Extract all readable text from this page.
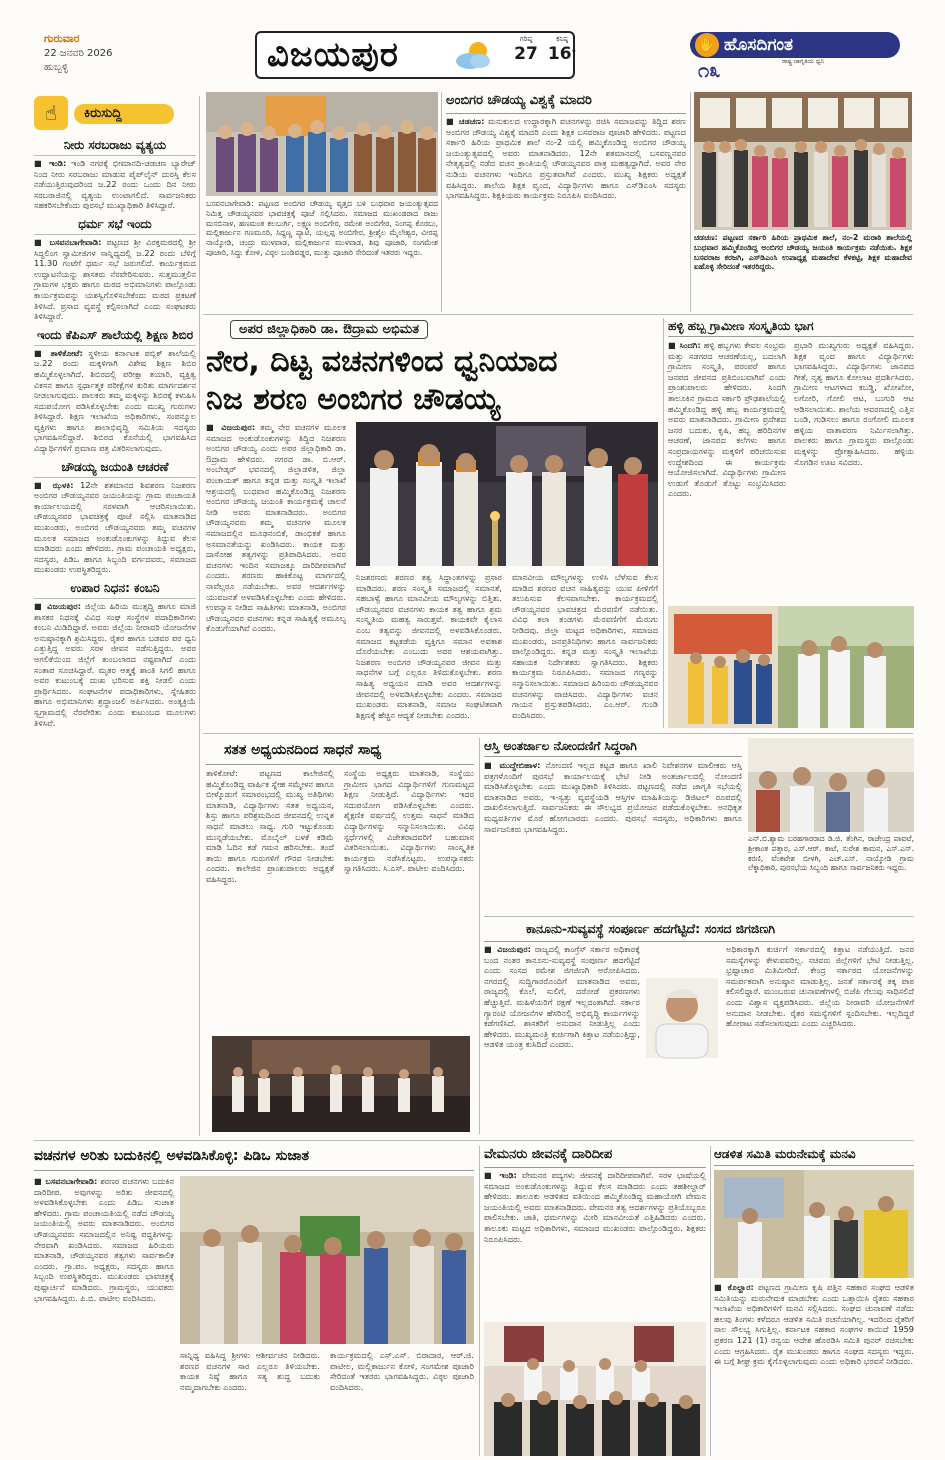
ಗುರುವಾರ
22 ಜನವರಿ 2026
ಹುಬ್ಬಳ್ಳಿ	ವಿಜಯಪುರ	ಗರಿಷ್ಠ
27
ಕನಿಷ್ಠ
16°
✋ ಹೊಸದಿಗಂತ
ರಾಷ್ಟ್ರ ಜಾಗೃತಿಯ ಧ್ವನಿ
೧೩
☝	ಕಿರುಸುದ್ದಿ
ನೀರು ಸರಬರಾಜು ವ್ಯತ್ಯಯ
■ ಇಂಡಿ: ಇಂಡಿ ನಗರಕ್ಕೆ ಭೀಮಾನದಿ-ಚಡಚಣ ಬ್ಯಾರೇಜ್ ನಿಂದ ನೀರು ಸರಬರಾಜು ಮಾಡುವ ಪೈಪ್‌ಲೈನ್ ದುರಸ್ತಿ ಕೆಲಸ ನಡೆಯುತ್ತಿರುವುದರಿಂದ ಜ.22 ರಂದು ಒಂದು ದಿನ ನೀರು ಸರಬರಾಜಿನಲ್ಲಿ ವ್ಯತ್ಯಯ ಉಂಟಾಗಲಿದೆ. ಸಾರ್ವಜನಿಕರು ಸಹಕರಿಸಬೇಕೆಂದು ಪುರಸಭೆ ಮುಖ್ಯಾಧಿಕಾರಿ ತಿಳಿಸಿದ್ದಾರೆ.
ಧರ್ಮ ಸಭೆ ಇಂದು
■ ಬಸವನಬಾಗೇವಾಡಿ: ಪಟ್ಟಣದ ಶ್ರೀ ವಿರಕ್ತಮಠದಲ್ಲಿ ಶ್ರೀ ಸಿದ್ದಲಿಂಗ ಸ್ವಾಮೀಜಿಗಳ ಸಾನ್ನಿಧ್ಯದಲ್ಲಿ ಜ.22 ರಂದು ಬೆಳಿಗ್ಗೆ 11.30 ಗಂಟೆಗೆ ಧರ್ಮ ಸಭೆ ಜರುಗಲಿದೆ. ಕಾರ್ಯಕ್ರಮದ ಉದ್ಘಾಟನೆಯನ್ನು ಶಾಸಕರು ನೆರವೇರಿಸುವರು. ಸುತ್ತಮುತ್ತಲಿನ ಗ್ರಾಮಗಳ ಭಕ್ತರು ಹಾಗೂ ಮಠದ ಅಭಿಮಾನಿಗಳು ಪಾಲ್ಗೊಂಡು ಕಾರ್ಯಕ್ರಮವನ್ನು ಯಶಸ್ವಿಗೊಳಿಸಬೇಕೆಂದು ಮಠದ ಪ್ರಕಟಣೆ ತಿಳಿಸಿದೆ. ಪ್ರಸಾದ ವ್ಯವಸ್ಥೆ ಕಲ್ಪಿಸಲಾಗಿದೆ ಎಂದು ಸಂಘಟಕರು ತಿಳಿಸಿದ್ದಾರೆ.
ಇಂದು ಕೆಪಿಎಸ್ ಶಾಲೆಯಲ್ಲಿ ಶಿಕ್ಷಣ ಶಿಬಿರ
■ ತಾಳಿಕೋಟೆ: ಸ್ಥಳೀಯ ಕರ್ನಾಟಕ ಪಬ್ಲಿಕ್ ಶಾಲೆಯಲ್ಲಿ ಜ.22 ರಂದು ಮಕ್ಕಳಿಗಾಗಿ ವಿಶೇಷ ಶಿಕ್ಷಣ ಶಿಬಿರ ಹಮ್ಮಿಕೊಳ್ಳಲಾಗಿದೆ. ಶಿಬಿರದಲ್ಲಿ ಪರೀಕ್ಷಾ ತಯಾರಿ, ವ್ಯಕ್ತಿತ್ವ ವಿಕಸನ ಹಾಗೂ ಸ್ಪರ್ಧಾತ್ಮಕ ಪರೀಕ್ಷೆಗಳ ಕುರಿತು ಮಾರ್ಗದರ್ಶನ ನೀಡಲಾಗುವುದು. ಪಾಲಕರು ತಮ್ಮ ಮಕ್ಕಳನ್ನು ಶಿಬಿರಕ್ಕೆ ಕಳುಹಿಸಿ ಸದುಪಯೋಗ ಪಡಿಸಿಕೊಳ್ಳಬೇಕು ಎಂದು ಮುಖ್ಯ ಗುರುಗಳು ತಿಳಿಸಿದ್ದಾರೆ. ಶಿಕ್ಷಣ ಇಲಾಖೆಯ ಅಧಿಕಾರಿಗಳು, ಸಂಪನ್ಮೂಲ ವ್ಯಕ್ತಿಗಳು ಹಾಗೂ ಶಾಲಾಭಿವೃದ್ಧಿ ಸಮಿತಿಯ ಸದಸ್ಯರು ಭಾಗವಹಿಸಲಿದ್ದಾರೆ. ಶಿಬಿರದ ಕೊನೆಯಲ್ಲಿ ಭಾಗವಹಿಸಿದ ವಿದ್ಯಾರ್ಥಿಗಳಿಗೆ ಪ್ರಮಾಣ ಪತ್ರ ವಿತರಿಸಲಾಗುವುದು.
ಚೌಡಯ್ಯ ಜಯಂತಿ ಆಚರಣೆ
■ ಝಳಕಿ: 12ನೇ ಶತಮಾನದ ಶಿವಶರಣ ನಿಜಶರಣ ಅಂಬಿಗರ ಚೌಡಯ್ಯನವರ ಜಯಂತಿಯನ್ನು ಗ್ರಾಮ ಪಂಚಾಯತಿ ಕಾರ್ಯಾಲಯದಲ್ಲಿ ಸರಳವಾಗಿ ಆಚರಿಸಲಾಯಿತು. ಚೌಡಯ್ಯನವರ ಭಾವಚಿತ್ರಕ್ಕೆ ಪೂಜೆ ಸಲ್ಲಿಸಿ ಮಾತನಾಡಿದ ಮುಖಂಡರು, ಅಂಬಿಗರ ಚೌಡಯ್ಯನವರು ತಮ್ಮ ವಚನಗಳ ಮೂಲಕ ಸಮಾಜದ ಅಂಕುಡೊಂಕುಗಳನ್ನು ತಿದ್ದುವ ಕೆಲಸ ಮಾಡಿದರು ಎಂದು ಹೇಳಿದರು. ಗ್ರಾಮ ಪಂಚಾಯತಿ ಅಧ್ಯಕ್ಷರು, ಸದಸ್ಯರು, ಪಿಡಿಒ ಹಾಗೂ ಸಿಬ್ಬಂದಿ ವರ್ಗದವರು, ಸಮಾಜದ ಮುಖಂಡರು ಉಪಸ್ಥಿತರಿದ್ದರು.
ಉಪಾರ ನಿಧನ: ಕಂಬನಿ
■ ವಿಜಯಪುರ: ಜಿಲ್ಲೆಯ ಹಿರಿಯ ಮುತ್ಸದ್ದಿ ಹಾಗೂ ಮಾಜಿ ಶಾಸಕರ ನಿಧನಕ್ಕೆ ವಿವಿಧ ಸಂಘ ಸಂಸ್ಥೆಗಳ ಪದಾಧಿಕಾರಿಗಳು ಕಂಬನಿ ಮಿಡಿದಿದ್ದಾರೆ. ಅವರು ಜಿಲ್ಲೆಯ ನೀರಾವರಿ ಯೋಜನೆಗಳ ಅನುಷ್ಠಾನಕ್ಕಾಗಿ ಶ್ರಮಿಸಿದ್ದರು. ರೈತರ ಹಾಗೂ ಬಡವರ ಪರ ಧ್ವನಿ ಎತ್ತುತ್ತಿದ್ದ ಅವರು ಸರಳ ಜೀವನ ನಡೆಸುತ್ತಿದ್ದರು. ಅವರ ಅಗಲಿಕೆಯಿಂದ ಜಿಲ್ಲೆಗೆ ತುಂಬಲಾರದ ನಷ್ಟವಾಗಿದೆ ಎಂದು ಸಂತಾಪ ಸೂಚಿಸಿದ್ದಾರೆ. ಮೃತರ ಆತ್ಮಕ್ಕೆ ಶಾಂತಿ ಸಿಗಲಿ ಹಾಗೂ ಅವರ ಕುಟುಂಬಕ್ಕೆ ದುಃಖ ಭರಿಸುವ ಶಕ್ತಿ ನೀಡಲಿ ಎಂದು ಪ್ರಾರ್ಥಿಸಿದರು. ಸಂಘಟನೆಗಳ ಪದಾಧಿಕಾರಿಗಳು, ಸ್ನೇಹಿತರು ಹಾಗೂ ಅಭಿಮಾನಿಗಳು ಶ್ರದ್ಧಾಂಜಲಿ ಅರ್ಪಿಸಿದರು. ಅಂತ್ಯಕ್ರಿಯೆ ಸ್ವಗ್ರಾಮದಲ್ಲಿ ನೆರವೇರಿತು ಎಂದು ಕುಟುಂಬದ ಮೂಲಗಳು ತಿಳಿಸಿವೆ.
ಬಸವನಬಾಗೇವಾಡಿ: ಪಟ್ಟಣದ ಅಂಬಿಗರ ಚೌಡಯ್ಯ ವೃತ್ತದ ಬಳಿ ಬುಧವಾರ ಜಯಂತ್ಯುತ್ಸವದ ನಿಮಿತ್ತ ಚೌಡಯ್ಯನವರ ಭಾವಚಿತ್ರಕ್ಕೆ ಪೂಜೆ ಸಲ್ಲಿಸಿದರು. ಸಮಾಜದ ಮುಖಂಡರಾದ ರಾಜು ಮಸಬಿನಾಳ, ಹಣಮಂತ ಕಲಬುರ್ಗಿ, ಲಕ್ಷ್ಮಣ ಅಂಬಿಗೇರ, ರಮೇಶ ಅಂಬಿಗೇರ, ನಿಂಗಪ್ಪ ಕೊರಬು, ಮಲ್ಲಿಕಾರ್ಜುನ ಗಣಮೂರಿ, ಸಿದ್ದಣ್ಣ ಪ್ಯಾಟಿ, ಯಲ್ಲಪ್ಪ ಅಂಬಿಗೇರ, ಶ್ರೀಶೈಲ ಮೈಲೇಶ್ವರ, ವೀರಪ್ಪ ನಾಯ್ಕೋಡಿ, ಚಂದ್ರು ಮುಳವಾಡ, ಮಲ್ಲಿಕಾರ್ಜುನ ಮುಳವಾಡ, ಶಿವು ಪೂಜಾರಿ, ಸಂಗಮೇಶ ಪೂಜಾರಿ, ಸಿದ್ದು ಕೋಳಿ, ವಿಠ್ಠಲ ಬಂಡಿವಡ್ಡರ, ಮುತ್ತು ಪೂಜಾರಿ ಸೇರಿದಂತೆ ಇತರರು ಇದ್ದರು.
ಅಂಬಿಗರ ಚೌಡಯ್ಯ ವಿಶ್ವಕ್ಕೆ ಮಾದರಿ
■ ಚಡಚಣ: ಮನುಕುಲದ ಉದ್ಧಾರಕ್ಕಾಗಿ ವಚನಗಳನ್ನು ರಚಿಸಿ ಸಮಾಜವನ್ನು ತಿದ್ದಿದ ಶರಣ ಅಂಬಿಗರ ಚೌಡಯ್ಯ ವಿಶ್ವಕ್ಕೆ ಮಾದರಿ ಎಂದು ಶಿಕ್ಷಕ ಬಸವರಾಜ ಪೂಜಾರಿ ಹೇಳಿದರು. ಪಟ್ಟಣದ ಸರ್ಕಾರಿ ಹಿರಿಯ ಪ್ರಾಥಮಿಕ ಶಾಲೆ ನಂ-2 ಯಲ್ಲಿ ಹಮ್ಮಿಕೊಂಡಿದ್ದ ಅಂಬಿಗರ ಚೌಡಯ್ಯ ಜಯಂತ್ಯುತ್ಸವದಲ್ಲಿ ಅವರು ಮಾತನಾಡಿದರು. 12ನೇ ಶತಮಾನದಲ್ಲಿ ಬಸವಣ್ಣನವರ ನೇತೃತ್ವದಲ್ಲಿ ನಡೆದ ವಚನ ಕ್ರಾಂತಿಯಲ್ಲಿ ಚೌಡಯ್ಯನವರ ಪಾತ್ರ ಮಹತ್ವದ್ದಾಗಿದೆ. ಅವರ ನೇರ ನುಡಿಯ ವಚನಗಳು ಇಂದಿಗೂ ಪ್ರಸ್ತುತವಾಗಿವೆ ಎಂದರು. ಮುಖ್ಯ ಶಿಕ್ಷಕರು ಅಧ್ಯಕ್ಷತೆ ವಹಿಸಿದ್ದರು. ಶಾಲೆಯ ಶಿಕ್ಷಕ ವೃಂದ, ವಿದ್ಯಾರ್ಥಿಗಳು ಹಾಗೂ ಎಸ್‌ಡಿಎಂಸಿ ಸದಸ್ಯರು ಭಾಗವಹಿಸಿದ್ದರು. ಶಿಕ್ಷಕಿಯರು ಕಾರ್ಯಕ್ರಮ ನಿರೂಪಿಸಿ ವಂದಿಸಿದರು.
ಚಡಚಣ: ಪಟ್ಟಣದ ಸರ್ಕಾರಿ ಹಿರಿಯ ಪ್ರಾಥಮಿಕ ಶಾಲೆ, ನಂ-2 ಮರಾಠಿ ಶಾಲೆಯಲ್ಲಿ ಬುಧವಾರ ಹಮ್ಮಿಕೊಂಡಿದ್ದ ಅಂಬಿಗರ ಚೌಡಯ್ಯ ಜಯಂತಿ ಕಾರ್ಯಕ್ರಮ ನಡೆಯಿತು. ಶಿಕ್ಷಕ ಬಸವರಾಜ ಕರಜಗಿ, ಎಸ್‌ಡಿಎಂಸಿ ಉಪಾಧ್ಯಕ್ಷ ಮಹಾದೇವ ಕೆಳಕಟ್ಟಿ, ಶಿಕ್ಷಕ ಮಹಾದೇವ ಐಹೊಳ್ಳಿ ಸೇರಿದಂತೆ ಇತರರಿದ್ದರು.
ಅಪರ ಜಿಲ್ಲಾಧಿಕಾರಿ ಡಾ. ಔದ್ರಾಮ ಅಭಿಮತ
ನೇರ, ದಿಟ್ಟ ವಚನಗಳಿಂದ ಧ್ವನಿಯಾದ
ನಿಜ ಶರಣ ಅಂಬಿಗರ ಚೌಡಯ್ಯ
■ ವಿಜಯಪುರ: ತಮ್ಮ ನೇರ ವಚನಗಳ ಮೂಲಕ ಸಮಾಜದ ಅಂಕುಡೊಂಕುಗಳನ್ನು ತಿದ್ದಿದ ನಿಜಶರಣ ಅಂಬಿಗರ ಚೌಡಯ್ಯ ಎಂದು ಅಪರ ಜಿಲ್ಲಾಧಿಕಾರಿ ಡಾ. ಔದ್ರಾಮ ಹೇಳಿದರು. ನಗರದ ಡಾ. ಬಿ.ಆರ್. ಅಂಬೇಡ್ಕರ್ ಭವನದಲ್ಲಿ ಜಿಲ್ಲಾಡಳಿತ, ಜಿಲ್ಲಾ ಪಂಚಾಯತ್ ಹಾಗೂ ಕನ್ನಡ ಮತ್ತು ಸಂಸ್ಕೃತಿ ಇಲಾಖೆ ಆಶ್ರಯದಲ್ಲಿ ಬುಧವಾರ ಹಮ್ಮಿಕೊಂಡಿದ್ದ ನಿಜಶರಣ ಅಂಬಿಗರ ಚೌಡಯ್ಯ ಜಯಂತಿ ಕಾರ್ಯಕ್ರಮಕ್ಕೆ ಚಾಲನೆ ನೀಡಿ ಅವರು ಮಾತನಾಡಿದರು. ಅಂಬಿಗರ ಚೌಡಯ್ಯನವರು ತಮ್ಮ ವಚನಗಳ ಮೂಲಕ ಸಮಾಜದಲ್ಲಿನ ಮೂಢನಂಬಿಕೆ, ಡಾಂಭಿಕತೆ ಹಾಗೂ ಅಸಮಾನತೆಯನ್ನು ಖಂಡಿಸಿದರು. ಕಾಯಕ ಮತ್ತು ದಾಸೋಹ ತತ್ವಗಳನ್ನು ಪ್ರತಿಪಾದಿಸಿದರು. ಅವರ ವಚನಗಳು ಇಂದಿನ ಸಮಾಜಕ್ಕೂ ದಾರಿದೀಪವಾಗಿವೆ ಎಂದರು. ಶರಣರು ಹಾಕಿಕೊಟ್ಟ ಮಾರ್ಗದಲ್ಲಿ ನಾವೆಲ್ಲರೂ ನಡೆಯಬೇಕು. ಅವರ ಆದರ್ಶಗಳನ್ನು ಯುವಜನತೆ ಅಳವಡಿಸಿಕೊಳ್ಳಬೇಕು ಎಂದು ಹೇಳಿದರು. ಉಪನ್ಯಾಸ ನೀಡಿದ ಸಾಹಿತಿಗಳು ಮಾತನಾಡಿ, ಅಂಬಿಗರ ಚೌಡಯ್ಯನವರ ವಚನಗಳು ಕನ್ನಡ ಸಾಹಿತ್ಯಕ್ಕೆ ಅಮೂಲ್ಯ ಕೊಡುಗೆಯಾಗಿವೆ ಎಂದರು.
ನಿಜಶರಣರು ಶರಣರ ತತ್ವ ಸಿದ್ಧಾಂತಗಳನ್ನು ಪ್ರಸಾರ ಮಾಡಿದರು. ಶರಣ ಸಂಸ್ಕೃತಿ ಸಮಾಜದಲ್ಲಿ ಸಮಾನತೆ, ಸಹಬಾಳ್ವೆ ಹಾಗೂ ಮಾನವೀಯ ಮೌಲ್ಯಗಳನ್ನು ಬಿತ್ತಿತು. ಚೌಡಯ್ಯನವರ ವಚನಗಳು ಕಾಯಕ ತತ್ವ ಹಾಗೂ ಶ್ರಮ ಸಂಸ್ಕೃತಿಯ ಮಹತ್ವ ಸಾರುತ್ತವೆ. ಕಾಯಕವೇ ಕೈಲಾಸ ಎಂಬ ತತ್ವವನ್ನು ಜೀವನದಲ್ಲಿ ಅಳವಡಿಸಿಕೊಂಡರು. ಸಮಾಜದ ಕಟ್ಟಕಡೆಯ ವ್ಯಕ್ತಿಗೂ ಸಮಾನ ಅವಕಾಶ ದೊರೆಯಬೇಕು ಎಂಬುದು ಅವರ ಆಶಯವಾಗಿತ್ತು. ನಿಜಶರಣ ಅಂಬಿಗರ ಚೌಡಯ್ಯನವರ ಜೀವನ ಮತ್ತು ಸಾಧನೆಗಳ ಬಗ್ಗೆ ಎಲ್ಲರೂ ತಿಳಿದುಕೊಳ್ಳಬೇಕು. ಶರಣ ಸಾಹಿತ್ಯ ಅಧ್ಯಯನ ಮಾಡಿ ಅವರ ಆದರ್ಶಗಳನ್ನು ಜೀವನದಲ್ಲಿ ಅಳವಡಿಸಿಕೊಳ್ಳಬೇಕು ಎಂದರು. ಸಮಾಜದ ಮುಖಂಡರು ಮಾತನಾಡಿ, ಸಮಾಜ ಸಂಘಟಿತವಾಗಿ ಶಿಕ್ಷಣಕ್ಕೆ ಹೆಚ್ಚಿನ ಆದ್ಯತೆ ನೀಡಬೇಕು ಎಂದರು.
ಮಾನವೀಯ ಮೌಲ್ಯಗಳನ್ನು ಉಳಿಸಿ ಬೆಳೆಸುವ ಕೆಲಸ ಮಾಡಿದ ಶರಣರ ವಚನ ಸಾಹಿತ್ಯವನ್ನು ಯುವ ಪೀಳಿಗೆಗೆ ತಲುಪಿಸುವ ಕೆಲಸವಾಗಬೇಕು. ಕಾರ್ಯಕ್ರಮದಲ್ಲಿ ಚೌಡಯ್ಯನವರ ಭಾವಚಿತ್ರದ ಮೆರವಣಿಗೆ ನಡೆಯಿತು. ವಿವಿಧ ಕಲಾ ತಂಡಗಳು ಮೆರವಣಿಗೆಗೆ ಮೆರುಗು ನೀಡಿದವು. ಜಿಲ್ಲಾ ಮಟ್ಟದ ಅಧಿಕಾರಿಗಳು, ಸಮಾಜದ ಮುಖಂಡರು, ಜನಪ್ರತಿನಿಧಿಗಳು ಹಾಗೂ ಸಾರ್ವಜನಿಕರು ಪಾಲ್ಗೊಂಡಿದ್ದರು. ಕನ್ನಡ ಮತ್ತು ಸಂಸ್ಕೃತಿ ಇಲಾಖೆಯ ಸಹಾಯಕ ನಿರ್ದೇಶಕರು ಸ್ವಾಗತಿಸಿದರು. ಶಿಕ್ಷಕರು ಕಾರ್ಯಕ್ರಮ ನಿರೂಪಿಸಿದರು. ಸಮಾಜದ ಗಣ್ಯರನ್ನು ಸನ್ಮಾನಿಸಲಾಯಿತು. ಸಮಾಜದ ಹಿರಿಯರು ಚೌಡಯ್ಯನವರ ವಚನಗಳನ್ನು ವಾಚಿಸಿದರು. ವಿದ್ಯಾರ್ಥಿಗಳು ವಚನ ಗಾಯನ ಪ್ರಸ್ತುತಪಡಿಸಿದರು. ಎಂ.ಆರ್. ಗುಂಡಿ ವಂದಿಸಿದರು.
ಹಳ್ಳಿ ಹಬ್ಬ ಗ್ರಾಮೀಣ ಸಂಸ್ಕೃತಿಯ ಭಾಗ
■ ಸಿಂದಗಿ: ಹಳ್ಳಿ ಹಬ್ಬಗಳು ಕೇವಲ ಸಂಭ್ರಮ ಮತ್ತು ಸಡಗರದ ಆಚರಣೆಯಲ್ಲ, ಬದಲಾಗಿ ಗ್ರಾಮೀಣ ಸಂಸ್ಕೃತಿ, ಪರಂಪರೆ ಹಾಗೂ ಜನಪದ ಜೀವನದ ಪ್ರತಿಬಿಂಬವಾಗಿವೆ ಎಂದು ಪ್ರಾಂಶುಪಾಲರು ಹೇಳಿದರು. ಸಿಂದಗಿ ತಾಲೂಕಿನ ಗ್ರಾಮದ ಸರ್ಕಾರಿ ಪ್ರೌಢಶಾಲೆಯಲ್ಲಿ ಹಮ್ಮಿಕೊಂಡಿದ್ದ ಹಳ್ಳಿ ಹಬ್ಬ ಕಾರ್ಯಕ್ರಮದಲ್ಲಿ ಅವರು ಮಾತನಾಡಿದರು. ಗ್ರಾಮೀಣ ಪ್ರದೇಶದ ಜನರ ಬದುಕು, ಕೃಷಿ, ಹಬ್ಬ ಹರಿದಿನಗಳ ಆಚರಣೆ, ಜಾನಪದ ಕಲೆಗಳು ಹಾಗೂ ಸಂಪ್ರದಾಯಗಳನ್ನು ಮಕ್ಕಳಿಗೆ ಪರಿಚಯಿಸುವ ಉದ್ದೇಶದಿಂದ ಈ ಕಾರ್ಯಕ್ರಮ ಆಯೋಜಿಸಲಾಗಿದೆ. ವಿದ್ಯಾರ್ಥಿಗಳು ಗ್ರಾಮೀಣ ಉಡುಗೆ ತೊಡುಗೆ ತೊಟ್ಟು ಸಂಭ್ರಮಿಸಿದರು ಎಂದರು.
ಪ್ರಭಾರಿ ಮುಖ್ಯಗುರು ಅಧ್ಯಕ್ಷತೆ ವಹಿಸಿದ್ದರು. ಶಿಕ್ಷಕ ವೃಂದ ಹಾಗೂ ವಿದ್ಯಾರ್ಥಿಗಳು ಭಾಗವಹಿಸಿದ್ದರು. ವಿದ್ಯಾರ್ಥಿಗಳು ಜಾನಪದ ಗೀತೆ, ನೃತ್ಯ ಹಾಗೂ ಕೋಲಾಟ ಪ್ರದರ್ಶಿಸಿದರು. ಗ್ರಾಮೀಣ ಆಟಗಳಾದ ಕಬಡ್ಡಿ, ಖೋಖೋ, ಲಗೋರಿ, ಗೋಲಿ ಆಟ, ಬುಗುರಿ ಆಟ ಆಡಿಸಲಾಯಿತು. ಶಾಲೆಯ ಆವರಣದಲ್ಲಿ ಎತ್ತಿನ ಬಂಡಿ, ಗುಡಿಸಲು ಹಾಗೂ ರಂಗೋಲಿ ಮೂಲಕ ಹಳ್ಳಿಯ ವಾತಾವರಣ ನಿರ್ಮಿಸಲಾಗಿತ್ತು. ಪಾಲಕರು ಹಾಗೂ ಗ್ರಾಮಸ್ಥರು ಪಾಲ್ಗೊಂಡು ಮಕ್ಕಳನ್ನು ಪ್ರೋತ್ಸಾಹಿಸಿದರು. ಹಳ್ಳಿಯ ಸೊಗಡಿನ ಊಟ ಸವಿದರು.
ಸತತ ಅಧ್ಯಯನದಿಂದ ಸಾಧನೆ ಸಾಧ್ಯ
ತಾಳಿಕೋಟೆ: ಪಟ್ಟಣದ ಕಾಲೇಜಿನಲ್ಲಿ ಹಮ್ಮಿಕೊಂಡಿದ್ದ ವಾರ್ಷಿಕ ಸ್ನೇಹ ಸಮ್ಮೇಳನ ಹಾಗೂ ಬೀಳ್ಕೊಡುಗೆ ಸಮಾರಂಭದಲ್ಲಿ ಮುಖ್ಯ ಅತಿಥಿಗಳು ಮಾತನಾಡಿ, ವಿದ್ಯಾರ್ಥಿಗಳು ಸತತ ಅಧ್ಯಯನ, ಶಿಸ್ತು ಹಾಗೂ ಪರಿಶ್ರಮದಿಂದ ಜೀವನದಲ್ಲಿ ಉನ್ನತ ಸಾಧನೆ ಮಾಡಲು ಸಾಧ್ಯ. ಗುರಿ ಇಟ್ಟುಕೊಂಡು ಮುನ್ನಡೆಯಬೇಕು. ಮೊಬೈಲ್ ಬಳಕೆ ಕಡಿಮೆ ಮಾಡಿ ಓದಿನ ಕಡೆ ಗಮನ ಹರಿಸಬೇಕು. ತಂದೆ ತಾಯಿ ಹಾಗೂ ಗುರುಗಳಿಗೆ ಗೌರವ ನೀಡಬೇಕು ಎಂದರು. ಕಾಲೇಜಿನ ಪ್ರಾಂಶುಪಾಲರು ಅಧ್ಯಕ್ಷತೆ ವಹಿಸಿದ್ದರು.
ಸಂಸ್ಥೆಯ ಅಧ್ಯಕ್ಷರು ಮಾತನಾಡಿ, ಸಂಸ್ಥೆಯು ಗ್ರಾಮೀಣ ಭಾಗದ ವಿದ್ಯಾರ್ಥಿಗಳಿಗೆ ಗುಣಮಟ್ಟದ ಶಿಕ್ಷಣ ನೀಡುತ್ತಿದೆ. ವಿದ್ಯಾರ್ಥಿಗಳು ಇದರ ಸದುಪಯೋಗ ಪಡಿಸಿಕೊಳ್ಳಬೇಕು ಎಂದರು. ಶೈಕ್ಷಣಿಕ ವರ್ಷದಲ್ಲಿ ಉತ್ತಮ ಸಾಧನೆ ಮಾಡಿದ ವಿದ್ಯಾರ್ಥಿಗಳನ್ನು ಸನ್ಮಾನಿಸಲಾಯಿತು. ವಿವಿಧ ಸ್ಪರ್ಧೆಗಳಲ್ಲಿ ವಿಜೇತರಾದವರಿಗೆ ಬಹುಮಾನ ವಿತರಿಸಲಾಯಿತು. ವಿದ್ಯಾರ್ಥಿಗಳು ಸಾಂಸ್ಕೃತಿಕ ಕಾರ್ಯಕ್ರಮ ನಡೆಸಿಕೊಟ್ಟರು. ಉಪನ್ಯಾಸಕರು ಸ್ವಾಗತಿಸಿದರು. ಸಿ.ಎಸ್. ಪಾಟೀಲ ವಂದಿಸಿದರು.
ಆಸ್ತಿ ಅಂತರ್ಜಾಲ ನೋಂದಣಿಗೆ ಸಿದ್ಧರಾಗಿ
■ ಮುದ್ದೇಬಿಹಾಳ: ನೋಂದಣಿ ಇಲ್ಲದ ಕಟ್ಟಡ ಹಾಗೂ ಖಾಲಿ ನಿವೇಶನಗಳ ಮಾಲೀಕರು ಆಸ್ತಿ ಪತ್ರಗಳೊಂದಿಗೆ ಪುರಸಭೆ ಕಾರ್ಯಾಲಯಕ್ಕೆ ಭೇಟಿ ನೀಡಿ ಅಂತರ್ಜಾಲದಲ್ಲಿ ನೋಂದಣಿ ಮಾಡಿಸಿಕೊಳ್ಳಬೇಕು ಎಂದು ಮುಖ್ಯಾಧಿಕಾರಿ ತಿಳಿಸಿದರು. ಪಟ್ಟಣದಲ್ಲಿ ನಡೆದ ಜಾಗೃತಿ ಸಭೆಯಲ್ಲಿ ಮಾತನಾಡಿದ ಅವರು, ಇ-ಸ್ವತ್ತು ವ್ಯವಸ್ಥೆಯಡಿ ಆಸ್ತಿಗಳ ಮಾಹಿತಿಯನ್ನು ಡಿಜಿಟಲ್ ರೂಪದಲ್ಲಿ ದಾಖಲಿಸಲಾಗುತ್ತಿದೆ. ಸಾರ್ವಜನಿಕರು ಈ ಸೌಲಭ್ಯದ ಪ್ರಯೋಜನ ಪಡೆದುಕೊಳ್ಳಬೇಕು. ಅನಧಿಕೃತ ಮಧ್ಯವರ್ತಿಗಳ ಮೊರೆ ಹೋಗಬಾರದು ಎಂದರು. ಪುರಸಭೆ ಸದಸ್ಯರು, ಅಧಿಕಾರಿಗಳು ಹಾಗೂ ಸಾರ್ವಜನಿಕರು ಭಾಗವಹಿಸಿದ್ದರು.
ಎನ್.ಬಿ.ಶ್ಯಾಮ ಬರಹಗಾರರಾದ ಡಿ.ಜಿ. ತೆಂಗಿನ, ರಾಜೇಂದ್ರ ಪಾವಟೆ, ಶ್ರೀಕಾಂತ ಪತ್ತಾರ, ಎಸ್.ಆರ್. ಕಾಟೆ, ಸುರೇಶ ಕಾಮನ, ಎಸ್.ಎಸ್. ಕರಣಿ, ವೆಂಕಟೇಶ ಬೀಳಗಿ, ಎಚ್.ಎಸ್. ನಾಯ್ಕೋಡಿ ಗ್ರಾಮ ಲೆಕ್ಕಾಧಿಕಾರಿ, ಪುರಸಭೆಯ ಸಿಬ್ಬಂದಿ ಹಾಗೂ ಸಾರ್ವಜನಿಕರು ಇದ್ದರು.
ಕಾನೂನು-ಸುವ್ಯವಸ್ಥೆ ಸಂಪೂರ್ಣ ಹದಗೆಟ್ಟಿದೆ: ಸಂಸದ ಜಿಗಜಿಣಗಿ
■ ವಿಜಯಪುರ: ರಾಜ್ಯದಲ್ಲಿ ಕಾಂಗ್ರೆಸ್ ಸರ್ಕಾರ ಅಧಿಕಾರಕ್ಕೆ ಬಂದ ನಂತರ ಕಾನೂನು-ಸುವ್ಯವಸ್ಥೆ ಸಂಪೂರ್ಣ ಹದಗೆಟ್ಟಿದೆ ಎಂದು ಸಂಸದ ರಮೇಶ ಜಿಗಜಿಣಗಿ ಆರೋಪಿಸಿದರು. ನಗರದಲ್ಲಿ ಸುದ್ದಿಗಾರರೊಂದಿಗೆ ಮಾತನಾಡಿದ ಅವರು, ರಾಜ್ಯದಲ್ಲಿ ಕೊಲೆ, ಸುಲಿಗೆ, ದರೋಡೆ ಪ್ರಕರಣಗಳು ಹೆಚ್ಚುತ್ತಿವೆ. ಮಹಿಳೆಯರಿಗೆ ರಕ್ಷಣೆ ಇಲ್ಲದಂತಾಗಿದೆ. ಸರ್ಕಾರ ಗ್ಯಾರಂಟಿ ಯೋಜನೆಗಳ ಹೆಸರಿನಲ್ಲಿ ಅಭಿವೃದ್ಧಿ ಕಾರ್ಯಗಳನ್ನು ಕಡೆಗಣಿಸಿದೆ. ಶಾಸಕರಿಗೆ ಅನುದಾನ ನೀಡುತ್ತಿಲ್ಲ ಎಂದು ಹೇಳಿದರು. ಮುಖ್ಯಮಂತ್ರಿ ಕುರ್ಚಿಗಾಗಿ ಕಿತ್ತಾಟ ನಡೆಯುತ್ತಿದ್ದು, ಆಡಳಿತ ಯಂತ್ರ ಕುಸಿದಿದೆ ಎಂದರು.
ಅಧಿಕಾರಕ್ಕಾಗಿ ಕುರ್ಚಿಗೆ ಸರ್ಕಾರದಲ್ಲಿ ಕಿತ್ತಾಟ ನಡೆಯುತ್ತಿದೆ. ಜನರ ಸಮಸ್ಯೆಗಳನ್ನು ಕೇಳುವವರಿಲ್ಲ. ಸಚಿವರು ಜಿಲ್ಲೆಗಳಿಗೆ ಭೇಟಿ ನೀಡುತ್ತಿಲ್ಲ. ಭ್ರಷ್ಟಾಚಾರ ಮಿತಿಮೀರಿದೆ. ಕೇಂದ್ರ ಸರ್ಕಾರದ ಯೋಜನೆಗಳನ್ನು ಸಮರ್ಪಕವಾಗಿ ಅನುಷ್ಠಾನ ಮಾಡುತ್ತಿಲ್ಲ. ಜನತೆ ಸರ್ಕಾರಕ್ಕೆ ತಕ್ಕ ಪಾಠ ಕಲಿಸಲಿದ್ದಾರೆ. ಮುಂಬರುವ ಚುನಾವಣೆಗಳಲ್ಲಿ ಬಿಜೆಪಿ ಗೆಲುವು ಸಾಧಿಸಲಿದೆ ಎಂದು ವಿಶ್ವಾಸ ವ್ಯಕ್ತಪಡಿಸಿದರು. ಜಿಲ್ಲೆಯ ನೀರಾವರಿ ಯೋಜನೆಗಳಿಗೆ ಅನುದಾನ ನೀಡಬೇಕು. ರೈತರ ಸಮಸ್ಯೆಗಳಿಗೆ ಸ್ಪಂದಿಸಬೇಕು. ಇಲ್ಲದಿದ್ದರೆ ಹೋರಾಟ ನಡೆಸಲಾಗುವುದು ಎಂದು ಎಚ್ಚರಿಸಿದರು.
ವಚನಗಳ ಅರಿತು ಬದುಕಿನಲ್ಲಿ ಅಳವಡಿಸಿಕೊಳ್ಳಿ: ಪಿಡಿಒ ಸುಜಾತ
■ ಬಸವನಬಾಗೇವಾಡಿ: ಶರಣರ ವಚನಗಳು ಬದುಕಿನ ದಾರಿದೀಪ. ಅವುಗಳನ್ನು ಅರಿತು ಜೀವನದಲ್ಲಿ ಅಳವಡಿಸಿಕೊಳ್ಳಬೇಕು ಎಂದು ಪಿಡಿಒ ಸುಜಾತ ಹೇಳಿದರು. ಗ್ರಾಮ ಪಂಚಾಯತಿಯಲ್ಲಿ ನಡೆದ ಚೌಡಯ್ಯ ಜಯಂತಿಯಲ್ಲಿ ಅವರು ಮಾತನಾಡಿದರು. ಅಂಬಿಗರ ಚೌಡಯ್ಯನವರು ಸಮಾಜದಲ್ಲಿನ ಅನಿಷ್ಟ ಪದ್ಧತಿಗಳನ್ನು ನೇರವಾಗಿ ಖಂಡಿಸಿದರು. ಸಮಾಜದ ಹಿರಿಯರು ಮಾತನಾಡಿ, ಚೌಡಯ್ಯನವರ ತತ್ವಗಳು ಸಾರ್ವಕಾಲಿಕ ಎಂದರು. ಗ್ರಾ.ಪಂ. ಅಧ್ಯಕ್ಷರು, ಸದಸ್ಯರು ಹಾಗೂ ಸಿಬ್ಬಂದಿ ಉಪಸ್ಥಿತರಿದ್ದರು. ಮುಖಂಡರು ಭಾವಚಿತ್ರಕ್ಕೆ ಪುಷ್ಪಾರ್ಚನೆ ಮಾಡಿದರು. ಗ್ರಾಮಸ್ಥರು, ಯುವಕರು ಭಾಗವಹಿಸಿದ್ದರು. ಪಿ.ಬಿ. ಪಾಟೀಲ ವಂದಿಸಿದರು.
ಸಾನ್ನಿಧ್ಯ ವಹಿಸಿದ್ದ ಶ್ರೀಗಳು ಆಶೀರ್ವಚನ ನೀಡಿದರು. ಶರಣರ ವಚನಗಳ ಸಾರ ಎಲ್ಲರೂ ತಿಳಿಯಬೇಕು. ಕಾಯಕ ನಿಷ್ಠೆ ಹಾಗೂ ಸತ್ಯ ಶುದ್ಧ ಬದುಕು ನಮ್ಮದಾಗಬೇಕು ಎಂದರು.
ಕಾರ್ಯಕ್ರಮದಲ್ಲಿ ಎಸ್.ಎಸ್. ಬಿರಾದಾರ, ಆರ್.ಜಿ. ಪಾಟೀಲ, ಮಲ್ಲಿಕಾರ್ಜುನ ಕೋಳಿ, ಸಂಗಮೇಶ ಪೂಜಾರಿ ಸೇರಿದಂತೆ ಇತರರು ಭಾಗವಹಿಸಿದ್ದರು. ವಿಠ್ಠಲ ಪೂಜಾರಿ ವಂದಿಸಿದರು.
ವೇಮನರು ಜೀವನಕ್ಕೆ ದಾರಿದೀಪ
■ ಇಂಡಿ: ವೇಮನರ ಪದ್ಯಗಳು ಜೀವನಕ್ಕೆ ದಾರಿದೀಪವಾಗಿವೆ. ಸರಳ ಭಾಷೆಯಲ್ಲಿ ಸಮಾಜದ ಅಂಕುಡೊಂಕುಗಳನ್ನು ತಿದ್ದುವ ಕೆಲಸ ಮಾಡಿದರು ಎಂದು ತಹಶೀಲ್ದಾರ್ ಹೇಳಿದರು. ತಾಲೂಕು ಆಡಳಿತದ ವತಿಯಿಂದ ಹಮ್ಮಿಕೊಂಡಿದ್ದ ಮಹಾಯೋಗಿ ವೇಮನ ಜಯಂತಿಯಲ್ಲಿ ಅವರು ಮಾತನಾಡಿದರು. ವೇಮನರ ತತ್ವ ಆದರ್ಶಗಳನ್ನು ಪ್ರತಿಯೊಬ್ಬರೂ ಪಾಲಿಸಬೇಕು. ಜಾತಿ, ಧರ್ಮಗಳನ್ನು ಮೀರಿ ಮಾನವೀಯತೆ ಎತ್ತಿಹಿಡಿದರು ಎಂದರು. ತಾಲೂಕು ಮಟ್ಟದ ಅಧಿಕಾರಿಗಳು, ಸಮಾಜದ ಮುಖಂಡರು ಪಾಲ್ಗೊಂಡಿದ್ದರು. ಶಿಕ್ಷಕರು ನಿರೂಪಿಸಿದರು.
ಆಡಳಿತ ಸಮಿತಿ ಮರುನೇಮಕ್ಕೆ ಮನವಿ
■ ಕೊಲ್ಹಾರ: ಪಟ್ಟಣದ ಗ್ರಾಮೀಣ ಕೃಷಿ ಪತ್ತಿನ ಸಹಕಾರ ಸಂಘದ ಆಡಳಿತ ಸಮಿತಿಯನ್ನು ಮರುನೇಮಕ ಮಾಡಬೇಕು ಎಂದು ಒತ್ತಾಯಿಸಿ ರೈತರು ಸಹಕಾರ ಇಲಾಖೆಯ ಅಧಿಕಾರಿಗಳಿಗೆ ಮನವಿ ಸಲ್ಲಿಸಿದರು. ಸಂಘದ ಚುನಾವಣೆ ನಡೆದು ಹಲವು ತಿಂಗಳು ಕಳೆದರೂ ಆಡಳಿತ ಸಮಿತಿ ರಚನೆಯಾಗಿಲ್ಲ. ಇದರಿಂದ ರೈತರಿಗೆ ಸಾಲ ಸೌಲಭ್ಯ ಸಿಗುತ್ತಿಲ್ಲ. ಕರ್ನಾಟಕ ಸಹಕಾರ ಸಂಘಗಳ ಕಾಯಿದೆ 1959 ಪ್ರಕರಣ 121 (1) ರನ್ವಯ ಆದೇಶ ಹೊರಡಿಸಿ ಸಮಿತಿ ಪುನರ್ ರಚಿಸಬೇಕು ಎಂದು ಆಗ್ರಹಿಸಿದರು. ರೈತ ಮುಖಂಡರು ಹಾಗೂ ಸಂಘದ ಸದಸ್ಯರು ಇದ್ದರು. ಈ ಬಗ್ಗೆ ಶೀಘ್ರ ಕ್ರಮ ಕೈಗೊಳ್ಳಲಾಗುವುದು ಎಂದು ಅಧಿಕಾರಿ ಭರವಸೆ ನೀಡಿದರು.
